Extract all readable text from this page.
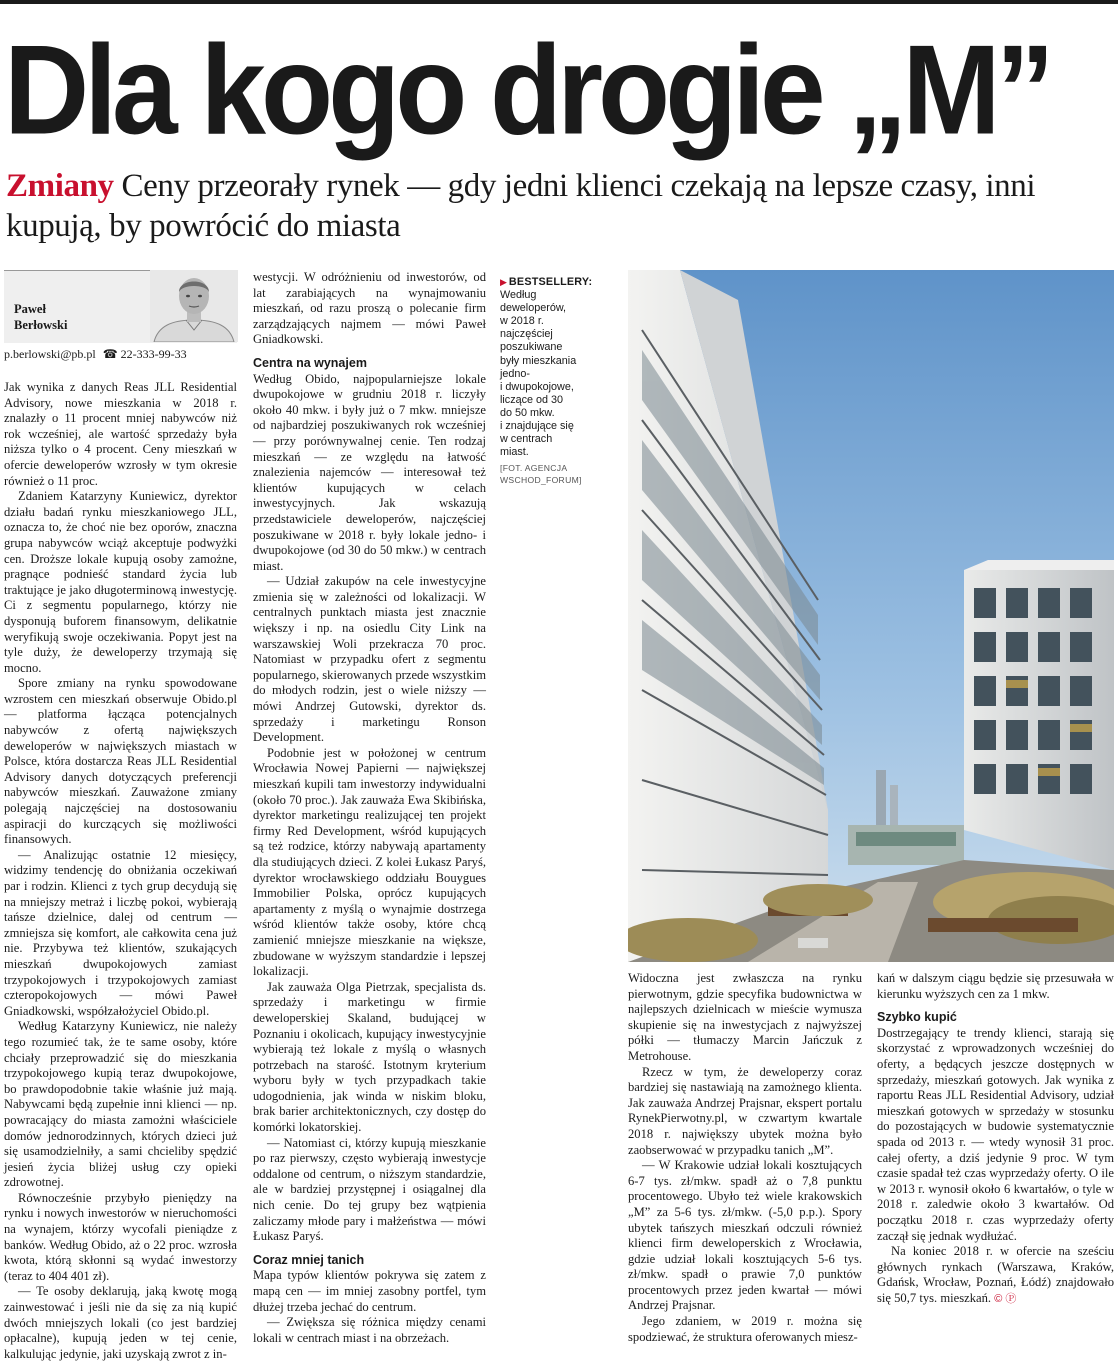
Dla kogo drogie „M”
Zmiany Ceny przeorały rynek — gdy jedni klienci czekają na lepsze czasy, inni kupują, by powrócić do miasta
Paweł
Berłowski
p.berlowski@pb.pl ☎ 22-333-99-33

Jak wynika z danych Reas JLL Residential Advisory, nowe mieszkania w 2018 r. znalazły o 11 procent mniej nabywców niż rok wcześniej, ale wartość sprzedaży była niższa tylko o 4 procent. Ceny mieszkań w ofercie deweloperów wzrosły w tym okresie również o 11 proc.

Zdaniem Katarzyny Kuniewicz, dyrektor działu badań rynku mieszkaniowego JLL, oznacza to, że choć nie bez oporów, znaczna grupa nabywców wciąż akceptuje podwyżki cen. Droższe lokale kupują osoby zamożne, pragnące podnieść standard życia lub traktujące je jako długoterminową inwestycję. Ci z segmentu popularnego, którzy nie dysponują buforem finansowym, delikatnie weryfikują swoje oczekiwania. Popyt jest na tyle duży, że deweloperzy trzymają się mocno.

Spore zmiany na rynku spowodowane wzrostem cen mieszkań obserwuje Obido.pl — platforma łącząca potencjalnych nabywców z ofertą największych deweloperów w największych miastach w Polsce, która dostarcza Reas JLL Residential Advisory danych dotyczących preferencji nabywców mieszkań. Zauważone zmiany polegają najczęściej na dostosowaniu aspiracji do kurczących się możliwości finansowych.

— Analizując ostatnie 12 miesięcy, widzimy tendencję do obniżania oczekiwań par i rodzin. Klienci z tych grup decydują się na mniejszy metraż i liczbę pokoi, wybierają tańsze dzielnice, dalej od centrum — zmniejsza się komfort, ale całkowita cena już nie. Przybywa też klientów, szukających mieszkań dwupokojowych zamiast trzypokojowych i trzypokojowych zamiast czteropokojowych — mówi Paweł Gniadkowski, współzałożyciel Obido.pl.

Według Katarzyny Kuniewicz, nie należy tego rozumieć tak, że te same osoby, które chciały przeprowadzić się do mieszkania trzypokojowego kupią teraz dwupokojowe, bo prawdopodobnie takie właśnie już mają. Nabywcami będą zupełnie inni klienci — np. powracający do miasta zamożni właściciele domów jednorodzinnych, których dzieci już się usamodzielniły, a sami chcieliby spędzić jesień życia bliżej usług czy opieki zdrowotnej.

Równocześnie przybyło pieniędzy na rynku i nowych inwestorów w nieruchomości na wynajem, którzy wycofali pieniądze z banków. Według Obido, aż o 22 proc. wzrosła kwota, którą skłonni są wydać inwestorzy (teraz to 404 401 zł).

— Te osoby deklarują, jaką kwotę mogą zainwestować i jeśli nie da się za nią kupić dwóch mniejszych lokali (co jest bardziej opłacalne), kupują jeden w tej cenie, kalkulując jedynie, jaki uzyskają zwrot z in-

westycji. W odróżnieniu od inwestorów, od lat zarabiających na wynajmowaniu mieszkań, od razu proszą o polecanie firm zarządzających najmem — mówi Paweł Gniadkowski.

Centra na wynajem

Według Obido, najpopularniejsze lokale dwupokojowe w grudniu 2018 r. liczyły około 40 mkw. i były już o 7 mkw. mniejsze od najbardziej poszukiwanych rok wcześniej — przy porównywalnej cenie. Ten rodzaj mieszkań — ze względu na łatwość znalezienia najemców — interesował też klientów kupujących w celach inwestycyjnych. Jak wskazują przedstawiciele deweloperów, najczęściej poszukiwane w 2018 r. były lokale jedno- i dwupokojowe (od 30 do 50 mkw.) w centrach miast.

— Udział zakupów na cele inwestycyjne zmienia się w zależności od lokalizacji. W centralnych punktach miasta jest znacznie większy i np. na osiedlu City Link na warszawskiej Woli przekracza 70 proc. Natomiast w przypadku ofert z segmentu popularnego, skierowanych przede wszystkim do młodych rodzin, jest o wiele niższy — mówi Andrzej Gutowski, dyrektor ds. sprzedaży i marketingu Ronson Development.

Podobnie jest w położonej w centrum Wrocławia Nowej Papierni — największej mieszkań kupili tam inwestorzy indywidualni (około 70 proc.). Jak zauważa Ewa Skibińska, dyrektor marketingu realizującej ten projekt firmy Red Development, wśród kupujących są też rodzice, którzy nabywają apartamenty dla studiujących dzieci. Z kolei Łukasz Paryś, dyrektor wrocławskiego oddziału Bouygues Immobilier Polska, oprócz kupujących apartamenty z myślą o wynajmie dostrzega wśród klientów także osoby, które chcą zamienić mniejsze mieszkanie na większe, zbudowane w wyższym standardzie i lepszej lokalizacji.

Jak zauważa Olga Pietrzak, specjalista ds. sprzedaży i marketingu w firmie deweloperskiej Skaland, budującej w Poznaniu i okolicach, kupujący inwestycyjnie wybierają też lokale z myślą o własnych potrzebach na starość. Istotnym kryterium wyboru były w tych przypadkach takie udogodnienia, jak winda w niskim bloku, brak barier architektonicznych, czy dostęp do komórki lokatorskiej.

— Natomiast ci, którzy kupują mieszkanie po raz pierwszy, często wybierają inwestycje oddalone od centrum, o niższym standardzie, ale w bardziej przystępnej i osiągalnej dla nich cenie. Do tej grupy bez wątpienia zaliczamy młode pary i małżeństwa — mówi Łukasz Paryś.

Coraz mniej tanich

Mapa typów klientów pokrywa się zatem z mapą cen — im mniej zasobny portfel, tym dłużej trzeba jechać do centrum.

— Zwiększa się różnica między cenami lokali w centrach miast i na obrzeżach.

▶ BESTSELLERY:
Według
deweloperów,
w 2018 r.
najczęściej
poszukiwane
były mieszkania
jedno-
i dwupokojowe,
liczące od 30
do 50 mkw.
i znajdujące się
w centrach
miast.
[FOT. AGENCJA
WSCHOD_FORUM]

Widoczna jest zwłaszcza na rynku pierwotnym, gdzie specyfika budownictwa w najlepszych dzielnicach w mieście wymusza skupienie się na inwestycjach z najwyższej półki — tłumaczy Marcin Jańczuk z Metrohouse.

Rzecz w tym, że deweloperzy coraz bardziej się nastawiają na zamożnego klienta. Jak zauważa Andrzej Prajsnar, ekspert portalu RynekPierwotny.pl, w czwartym kwartale 2018 r. największy ubytek można było zaobserwować w przypadku tanich „M”.

— W Krakowie udział lokali kosztujących 6-7 tys. zł/mkw. spadł aż o 7,8 punktu procentowego. Ubyło też wiele krakowskich „M” za 5-6 tys. zł/mkw. (-5,0 p.p.). Spory ubytek tańszych mieszkań odczuli również klienci firm deweloperskich z Wrocławia, gdzie udział lokali kosztujących 5-6 tys. zł/mkw. spadł o prawie 7,0 punktów procentowych przez jeden kwartał — mówi Andrzej Prajsnar.

Jego zdaniem, w 2019 r. można się spodziewać, że struktura oferowanych miesz-

kań w dalszym ciągu będzie się przesuwała w kierunku wyższych cen za 1 mkw.

Szybko kupić

Dostrzegający te trendy klienci, starają się skorzystać z wprowadzonych wcześniej do oferty, a będących jeszcze dostępnych w sprzedaży, mieszkań gotowych. Jak wynika z raportu Reas JLL Residential Advisory, udział mieszkań gotowych w sprzedaży w stosunku do pozostających w budowie systematycznie spada od 2013 r. — wtedy wynosił 31 proc. całej oferty, a dziś jedynie 9 proc. W tym czasie spadał też czas wyprzedaży oferty. O ile w 2013 r. wynosił około 6 kwartałów, o tyle w 2018 r. zaledwie około 3 kwartałów. Od początku 2018 r. czas wyprzedaży oferty zaczął się jednak wydłużać.

Na koniec 2018 r. w ofercie na sześciu głównych rynkach (Warszawa, Kraków, Gdańsk, Wrocław, Poznań, Łódź) znajdowało się 50,7 tys. mieszkań. © Ⓟ
